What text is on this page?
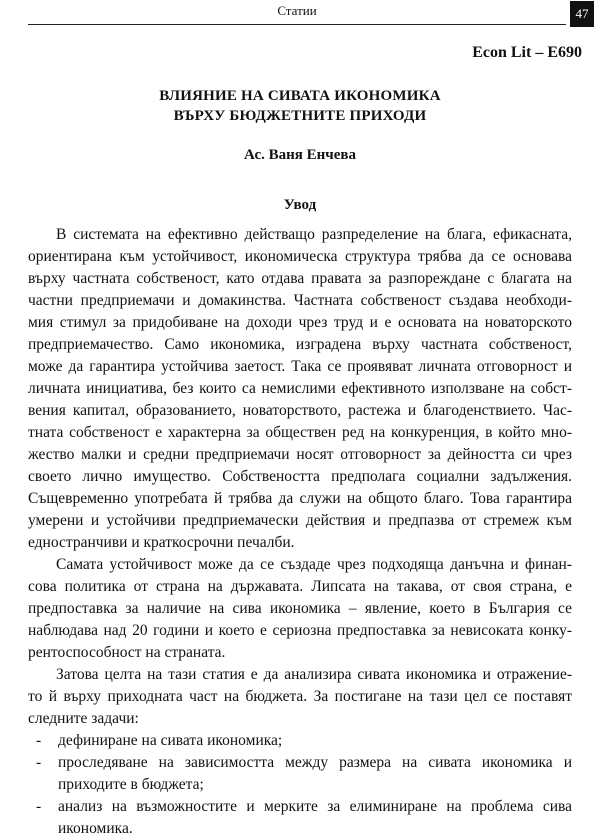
Статии	47
Econ Lit – E690
ВЛИЯНИЕ НА СИВАТА ИКОНОМИКА
ВЪРХУ БЮДЖЕТНИТЕ ПРИХОДИ
Ас. Ваня Енчева
Увод
В системата на ефективно действащо разпределение на блага, ефикасната,
ориентирана към устойчивост, икономическа структура трябва да се основава
върху частната собственост, като отдава правата за разпореждане с благата на
частни предприемачи и домакинства. Частната собственост създава необходи-
мия стимул за придобиване на доходи чрез труд и е основата на новаторското
предприемачество. Само икономика, изградена върху частната собственост,
може да гарантира устойчива заетост. Така се проявяват личната отговорност и
личната инициатива, без които са немислими ефективното използване на собст-
вения капитал, образованието, новаторството, растежа и благоденствието. Час-
тната собственост е характерна за обществен ред на конкуренция, в който мно-
жество малки и средни предприемачи носят отговорност за дейността си чрез
своето лично имущество. Собствеността предполага социални задължения.
Същевременно употребата й трябва да служи на общото благо. Това гарантира
умерени и устойчиви предприемачески действия и предпазва от стремеж към
едностранчиви и краткосрочни печалби.
Самата устойчивост може да се създаде чрез подходяща данъчна и финан-
сова политика от страна на държавата. Липсата на такава, от своя страна, е
предпоставка за наличие на сива икономика – явление, което в България се
наблюдава над 20 години и което е сериозна предпоставка за невисоката конку-
рентоспособност на страната.
Затова целта на тази статия е да анализира сивата икономика и отражение-
то й върху приходната част на бюджета. За постигане на тази цел се поставят
следните задачи:
- дефиниране на сивата икономика;
- проследяване на зависимостта между размера на сивата икономика и
приходите в бюджета;
- анализ на възможностите и мерките за елиминиране на проблема сива
икономика.
